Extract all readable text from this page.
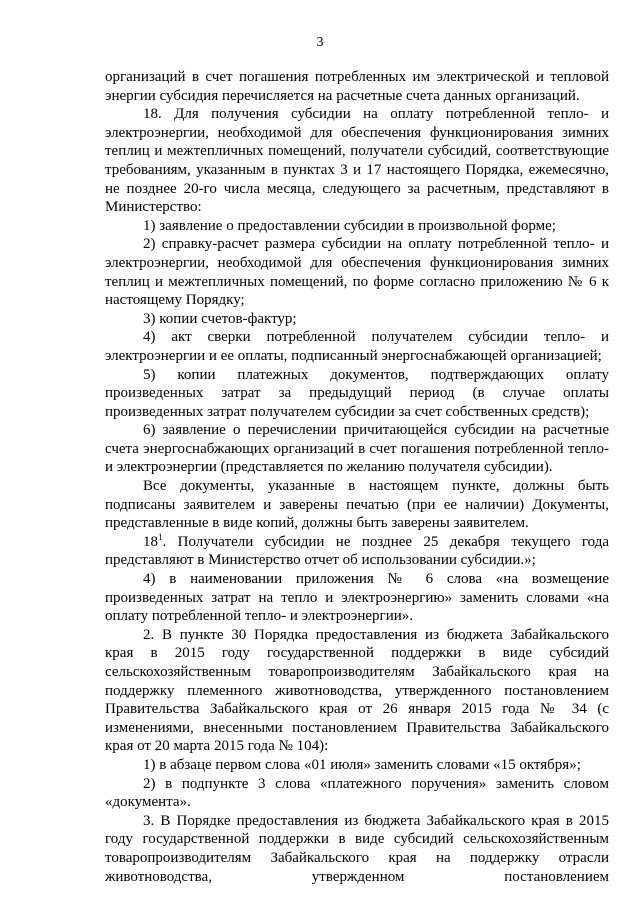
3

организаций в счет погашения потребленных им электрической и тепловой энергии субсидия перечисляется на расчетные счета данных организаций.

18. Для получения субсидии на оплату потребленной тепло- и электроэнергии, необходимой для обеспечения функционирования зимних теплиц и межтепличных помещений, получатели субсидий, соответствующие требованиям, указанным в пунктах 3 и 17 настоящего Порядка, ежемесячно, не позднее 20-го числа месяца, следующего за расчетным, представляют в Министерство:

1) заявление о предоставлении субсидии в произвольной форме;

2) справку-расчет размера субсидии на оплату потребленной тепло- и электроэнергии, необходимой для обеспечения функционирования зимних теплиц и межтепличных помещений, по форме согласно приложению № 6 к настоящему Порядку;

3) копии счетов-фактур;

4) акт сверки потребленной получателем субсидии тепло- и электроэнергии и ее оплаты, подписанный энергоснабжающей организацией;

5) копии платежных документов, подтверждающих оплату произведенных затрат за предыдущий период (в случае оплаты произведенных затрат получателем субсидии за счет собственных средств);

6) заявление о перечислении причитающейся субсидии на расчетные счета энергоснабжающих организаций в счет погашения потребленной тепло- и электроэнергии (представляется по желанию получателя субсидии).

Все документы, указанные в настоящем пункте, должны быть подписаны заявителем и заверены печатью (при ее наличии) Документы, представленные в виде копий, должны быть заверены заявителем.

$18^1$. Получатели субсидии не позднее 25 декабря текущего года представляют в Министерство отчет об использовании субсидии.»;

4) в наименовании приложения № 6 слова «на возмещение произведенных затрат на тепло и электроэнергию» заменить словами «на оплату потребленной тепло- и электроэнергии».

2. В пункте 30 Порядка предоставления из бюджета Забайкальского края в 2015 году государственной поддержки в виде субсидий сельскохозяйственным товаропроизводителям Забайкальского края на поддержку племенного животноводства, утвержденного постановлением Правительства Забайкальского края от 26 января 2015 года № 34 (с изменениями, внесенными постановлением Правительства Забайкальского края от 20 марта 2015 года № 104):

1) в абзаце первом слова «01 июля» заменить словами «15 октября»;

2) в подпункте 3 слова «платежного поручения» заменить словом «документа».

3. В Порядке предоставления из бюджета Забайкальского края в 2015 году государственной поддержки в виде субсидий сельскохозяйственным товаропроизводителям Забайкальского края на поддержку отрасли животноводства, утвержденном постановлением
